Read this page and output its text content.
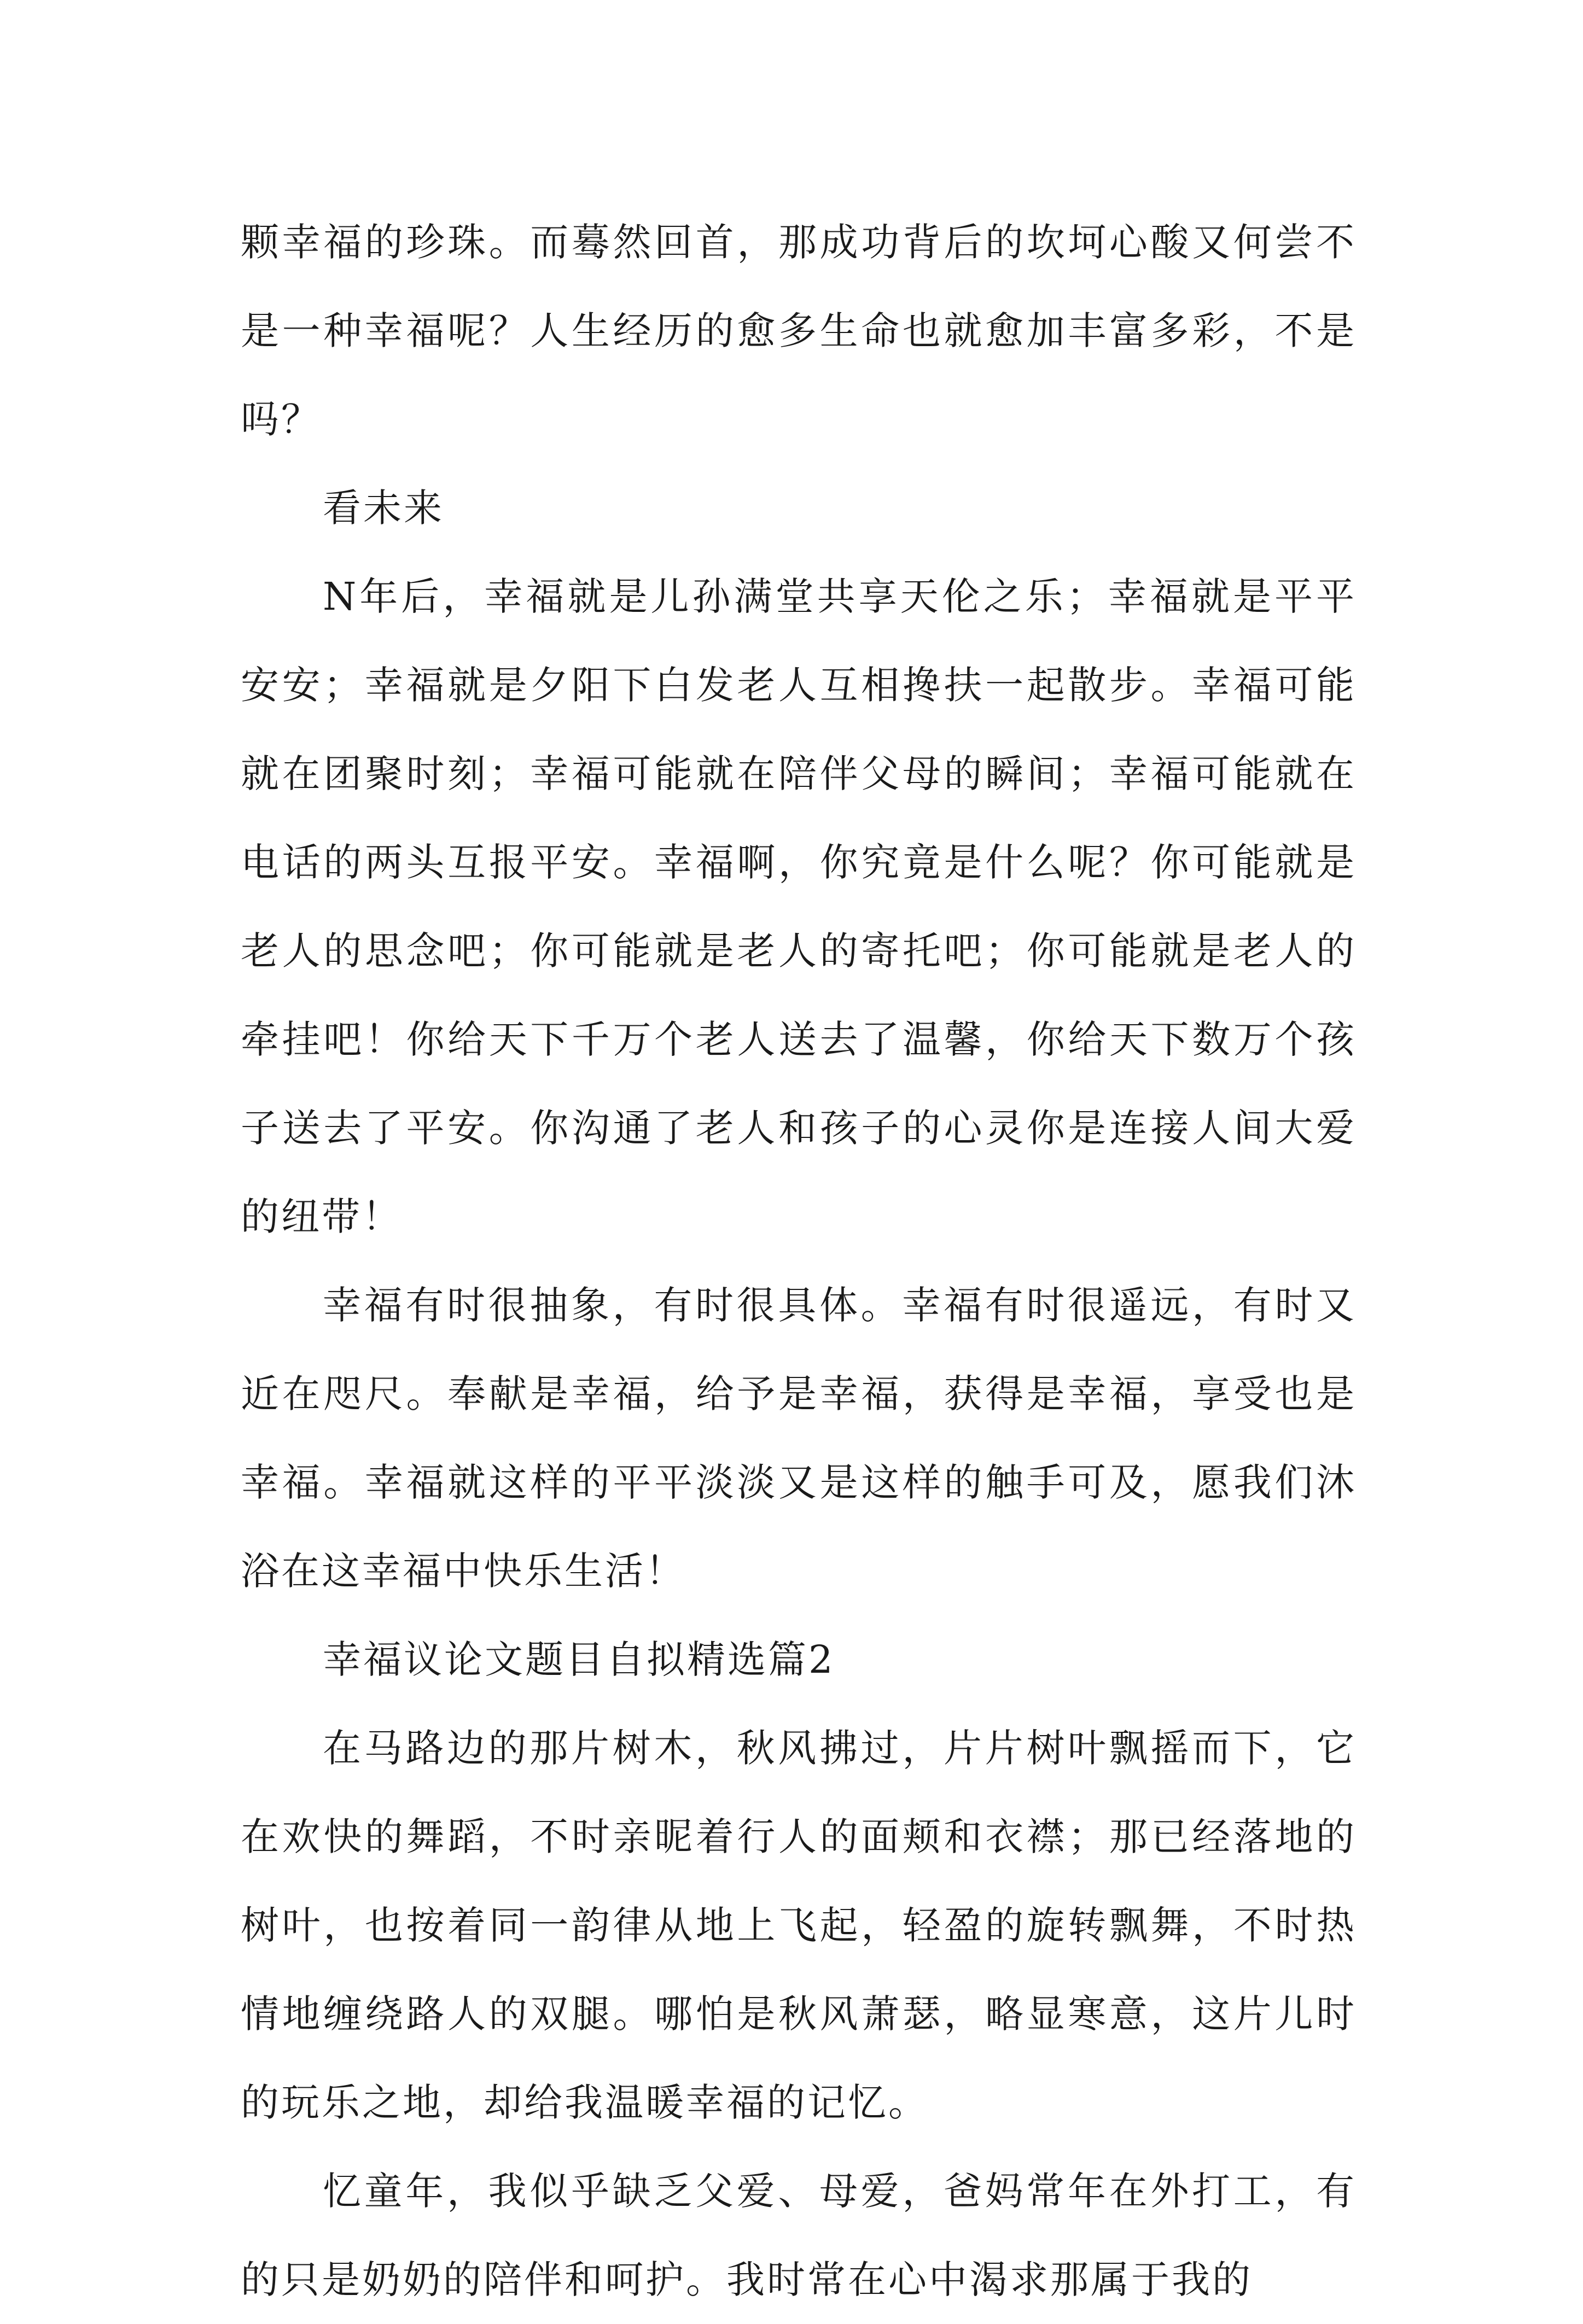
颗幸福的珍珠。而蓦然回首，那成功背后的坎坷心酸又何尝不是一种幸福呢？人生经历的愈多生命也就愈加丰富多彩，不是吗？

看未来

N年后，幸福就是儿孙满堂共享天伦之乐；幸福就是平平安安；幸福就是夕阳下白发老人互相搀扶一起散步。幸福可能就在团聚时刻；幸福可能就在陪伴父母的瞬间；幸福可能就在电话的两头互报平安。幸福啊，你究竟是什么呢？你可能就是老人的思念吧；你可能就是老人的寄托吧；你可能就是老人的牵挂吧！你给天下千万个老人送去了温馨，你给天下数万个孩子送去了平安。你沟通了老人和孩子的心灵你是连接人间大爱的纽带！

幸福有时很抽象，有时很具体。幸福有时很遥远，有时又近在咫尺。奉献是幸福，给予是幸福，获得是幸福，享受也是幸福。幸福就这样的平平淡淡又是这样的触手可及，愿我们沐浴在这幸福中快乐生活！

幸福议论文题目自拟精选篇2

在马路边的那片树木，秋风拂过，片片树叶飘摇而下，它在欢快的舞蹈，不时亲昵着行人的面颊和衣襟；那已经落地的树叶，也按着同一韵律从地上飞起，轻盈的旋转飘舞，不时热情地缠绕路人的双腿。哪怕是秋风萧瑟，略显寒意，这片儿时的玩乐之地，却给我温暖幸福的记忆。

忆童年，我似乎缺乏父爱、母爱，爸妈常年在外打工，有的只是奶奶的陪伴和呵护。我时常在心中渴求那属于我的
